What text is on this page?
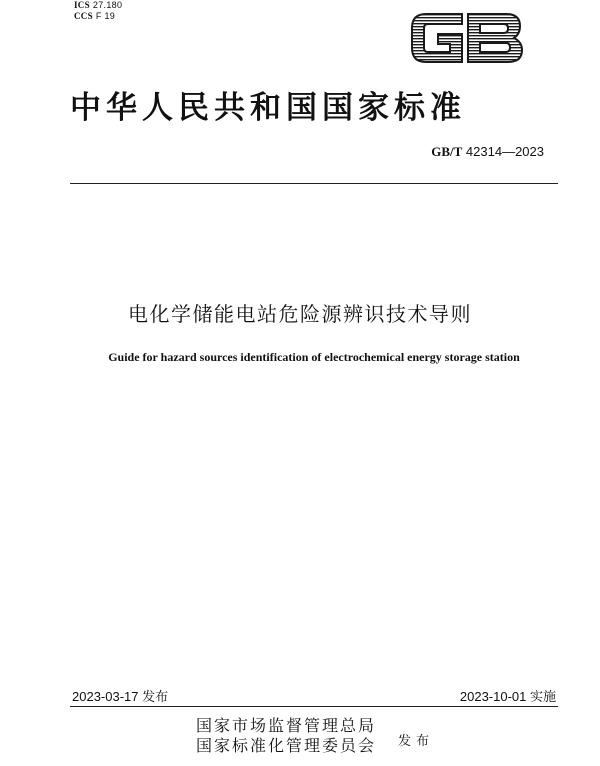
ICS 27.180
CCS F 19
中华人民共和国国家标准
GB/T 42314—2023
电化学储能电站危险源辨识技术导则
Guide for hazard sources identification of electrochemical energy storage station
2023-03-17 发布	2023-10-01 实施
国家市场监督管理总局
国家标准化管理委员会 发布
